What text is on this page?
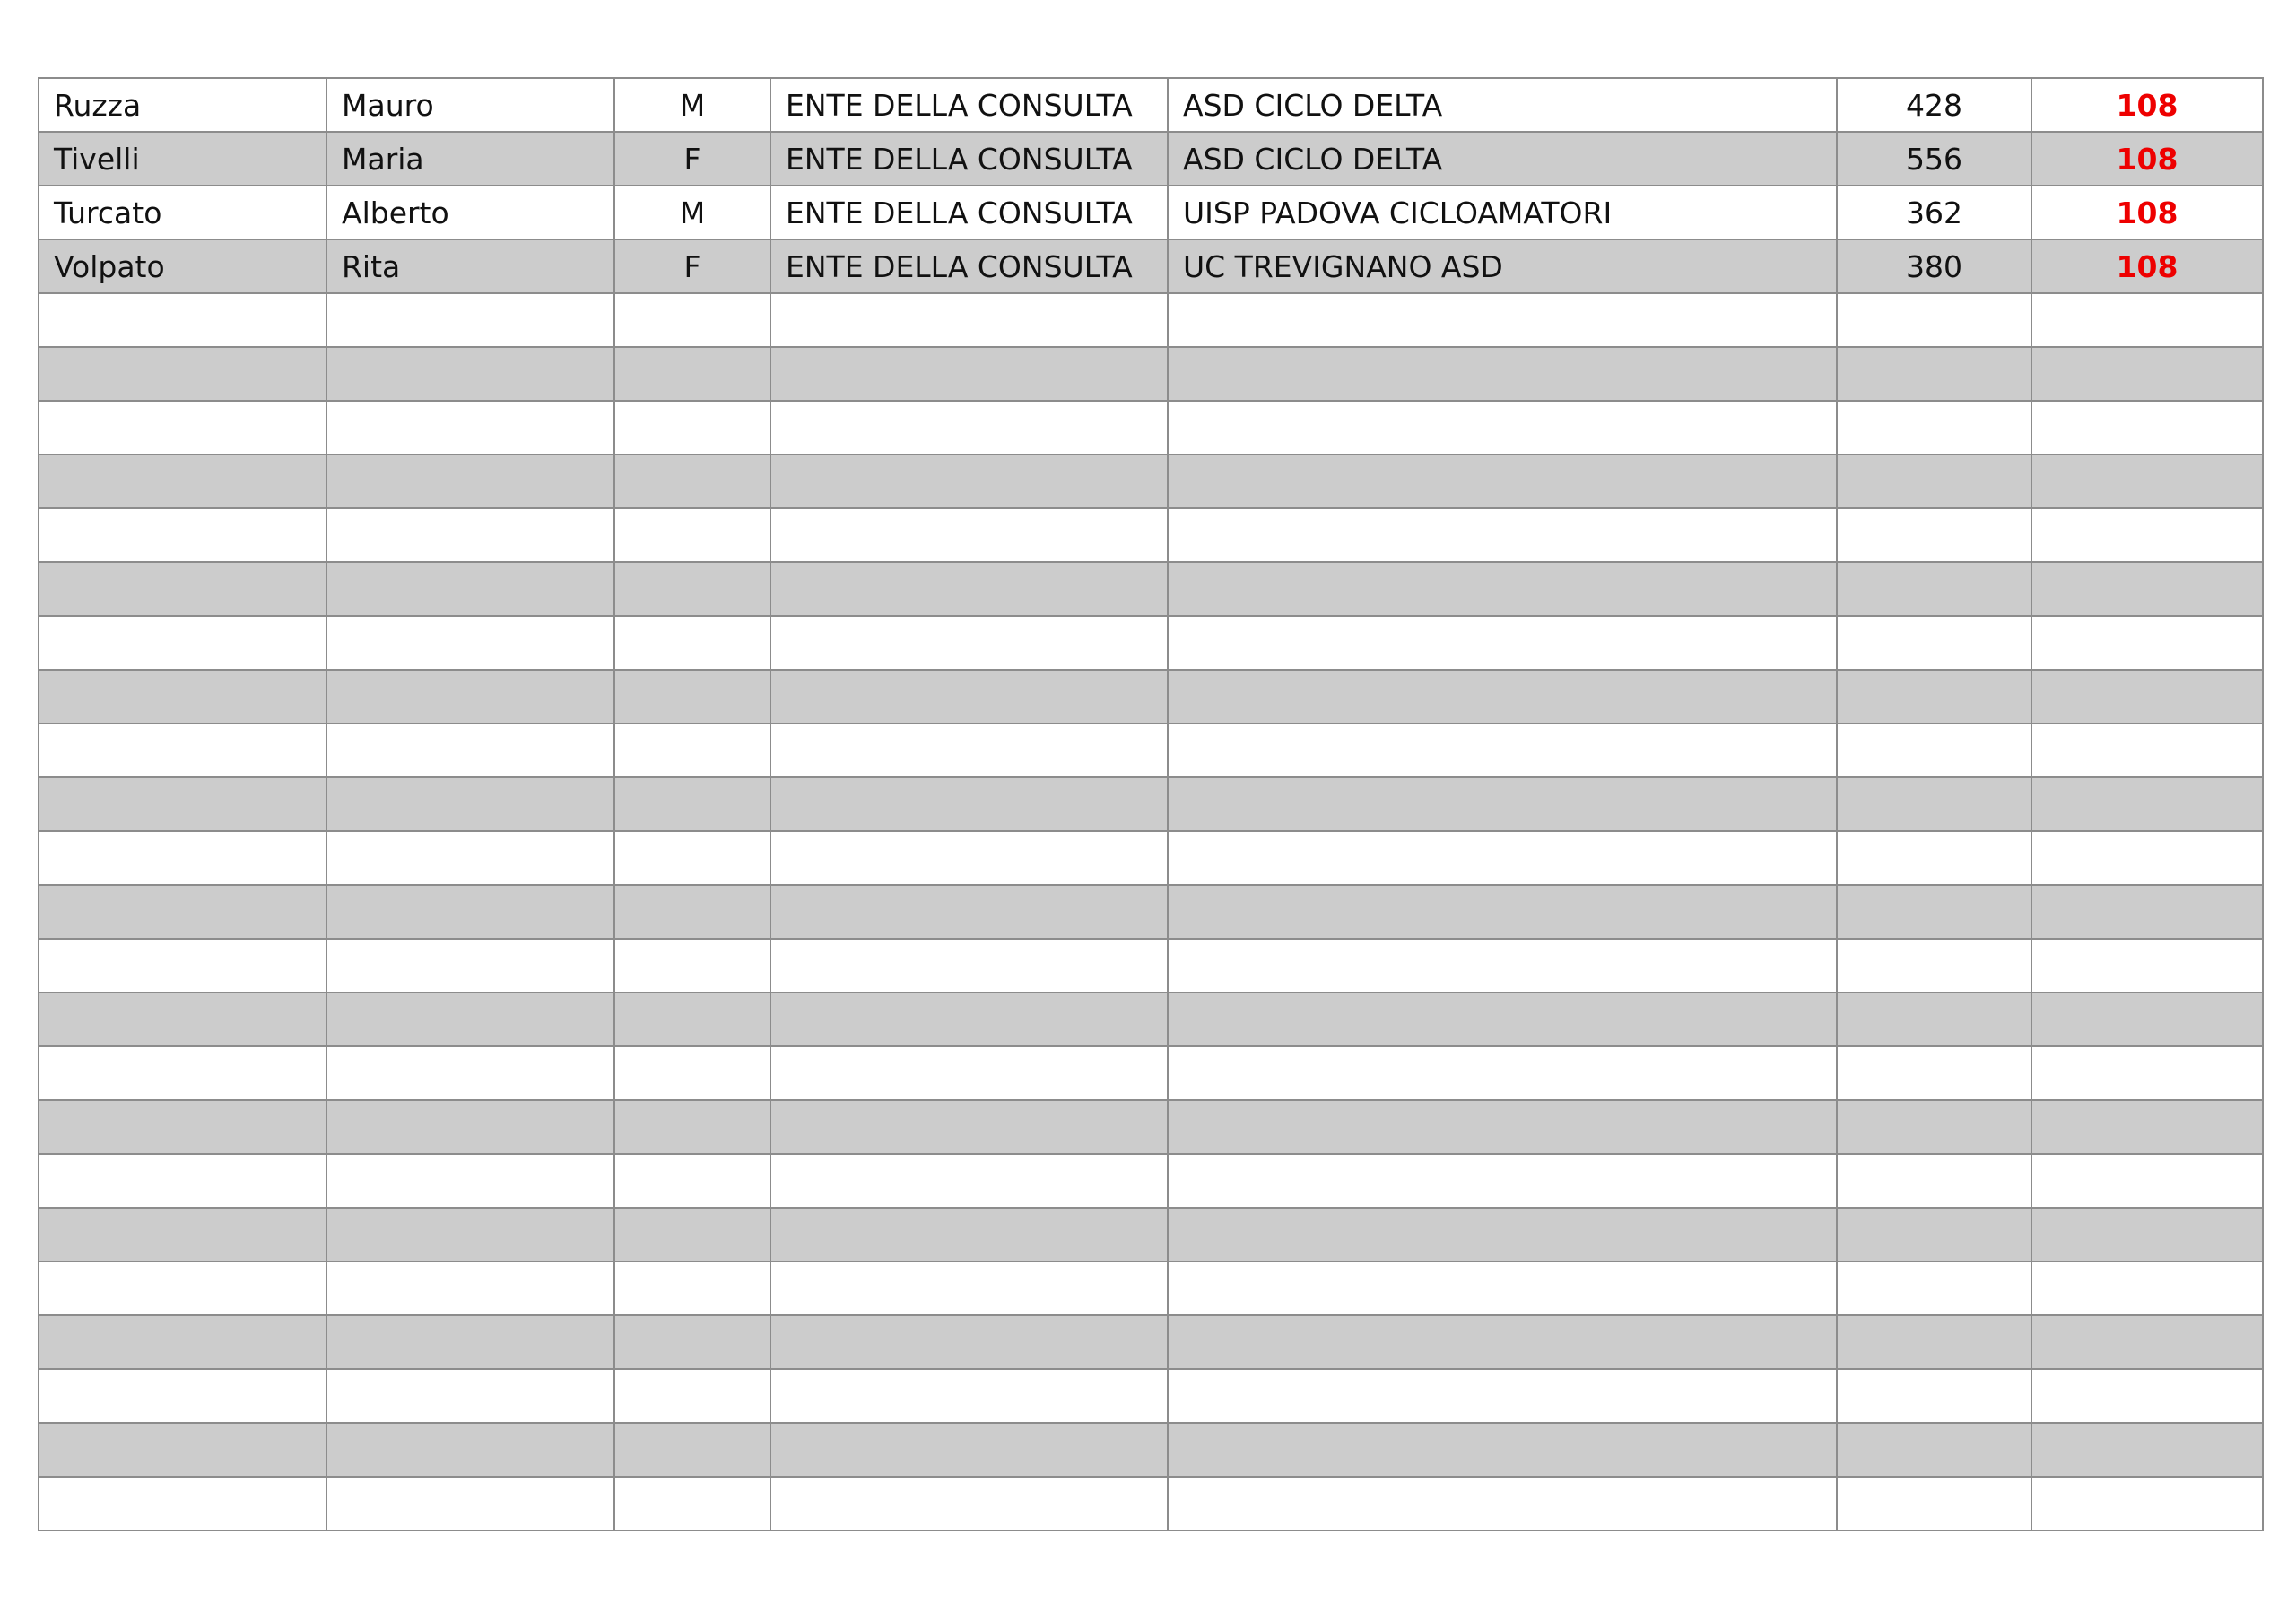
Ruzza	Mauro	M	ENTE DELLA CONSULTA	ASD CICLO DELTA	428	108
Tivelli	Maria	F	ENTE DELLA CONSULTA	ASD CICLO DELTA	556	108
Turcato	Alberto	M	ENTE DELLA CONSULTA	UISP PADOVA CICLOAMATORI	362	108
Volpato	Rita	F	ENTE DELLA CONSULTA	UC TREVIGNANO ASD	380	108
